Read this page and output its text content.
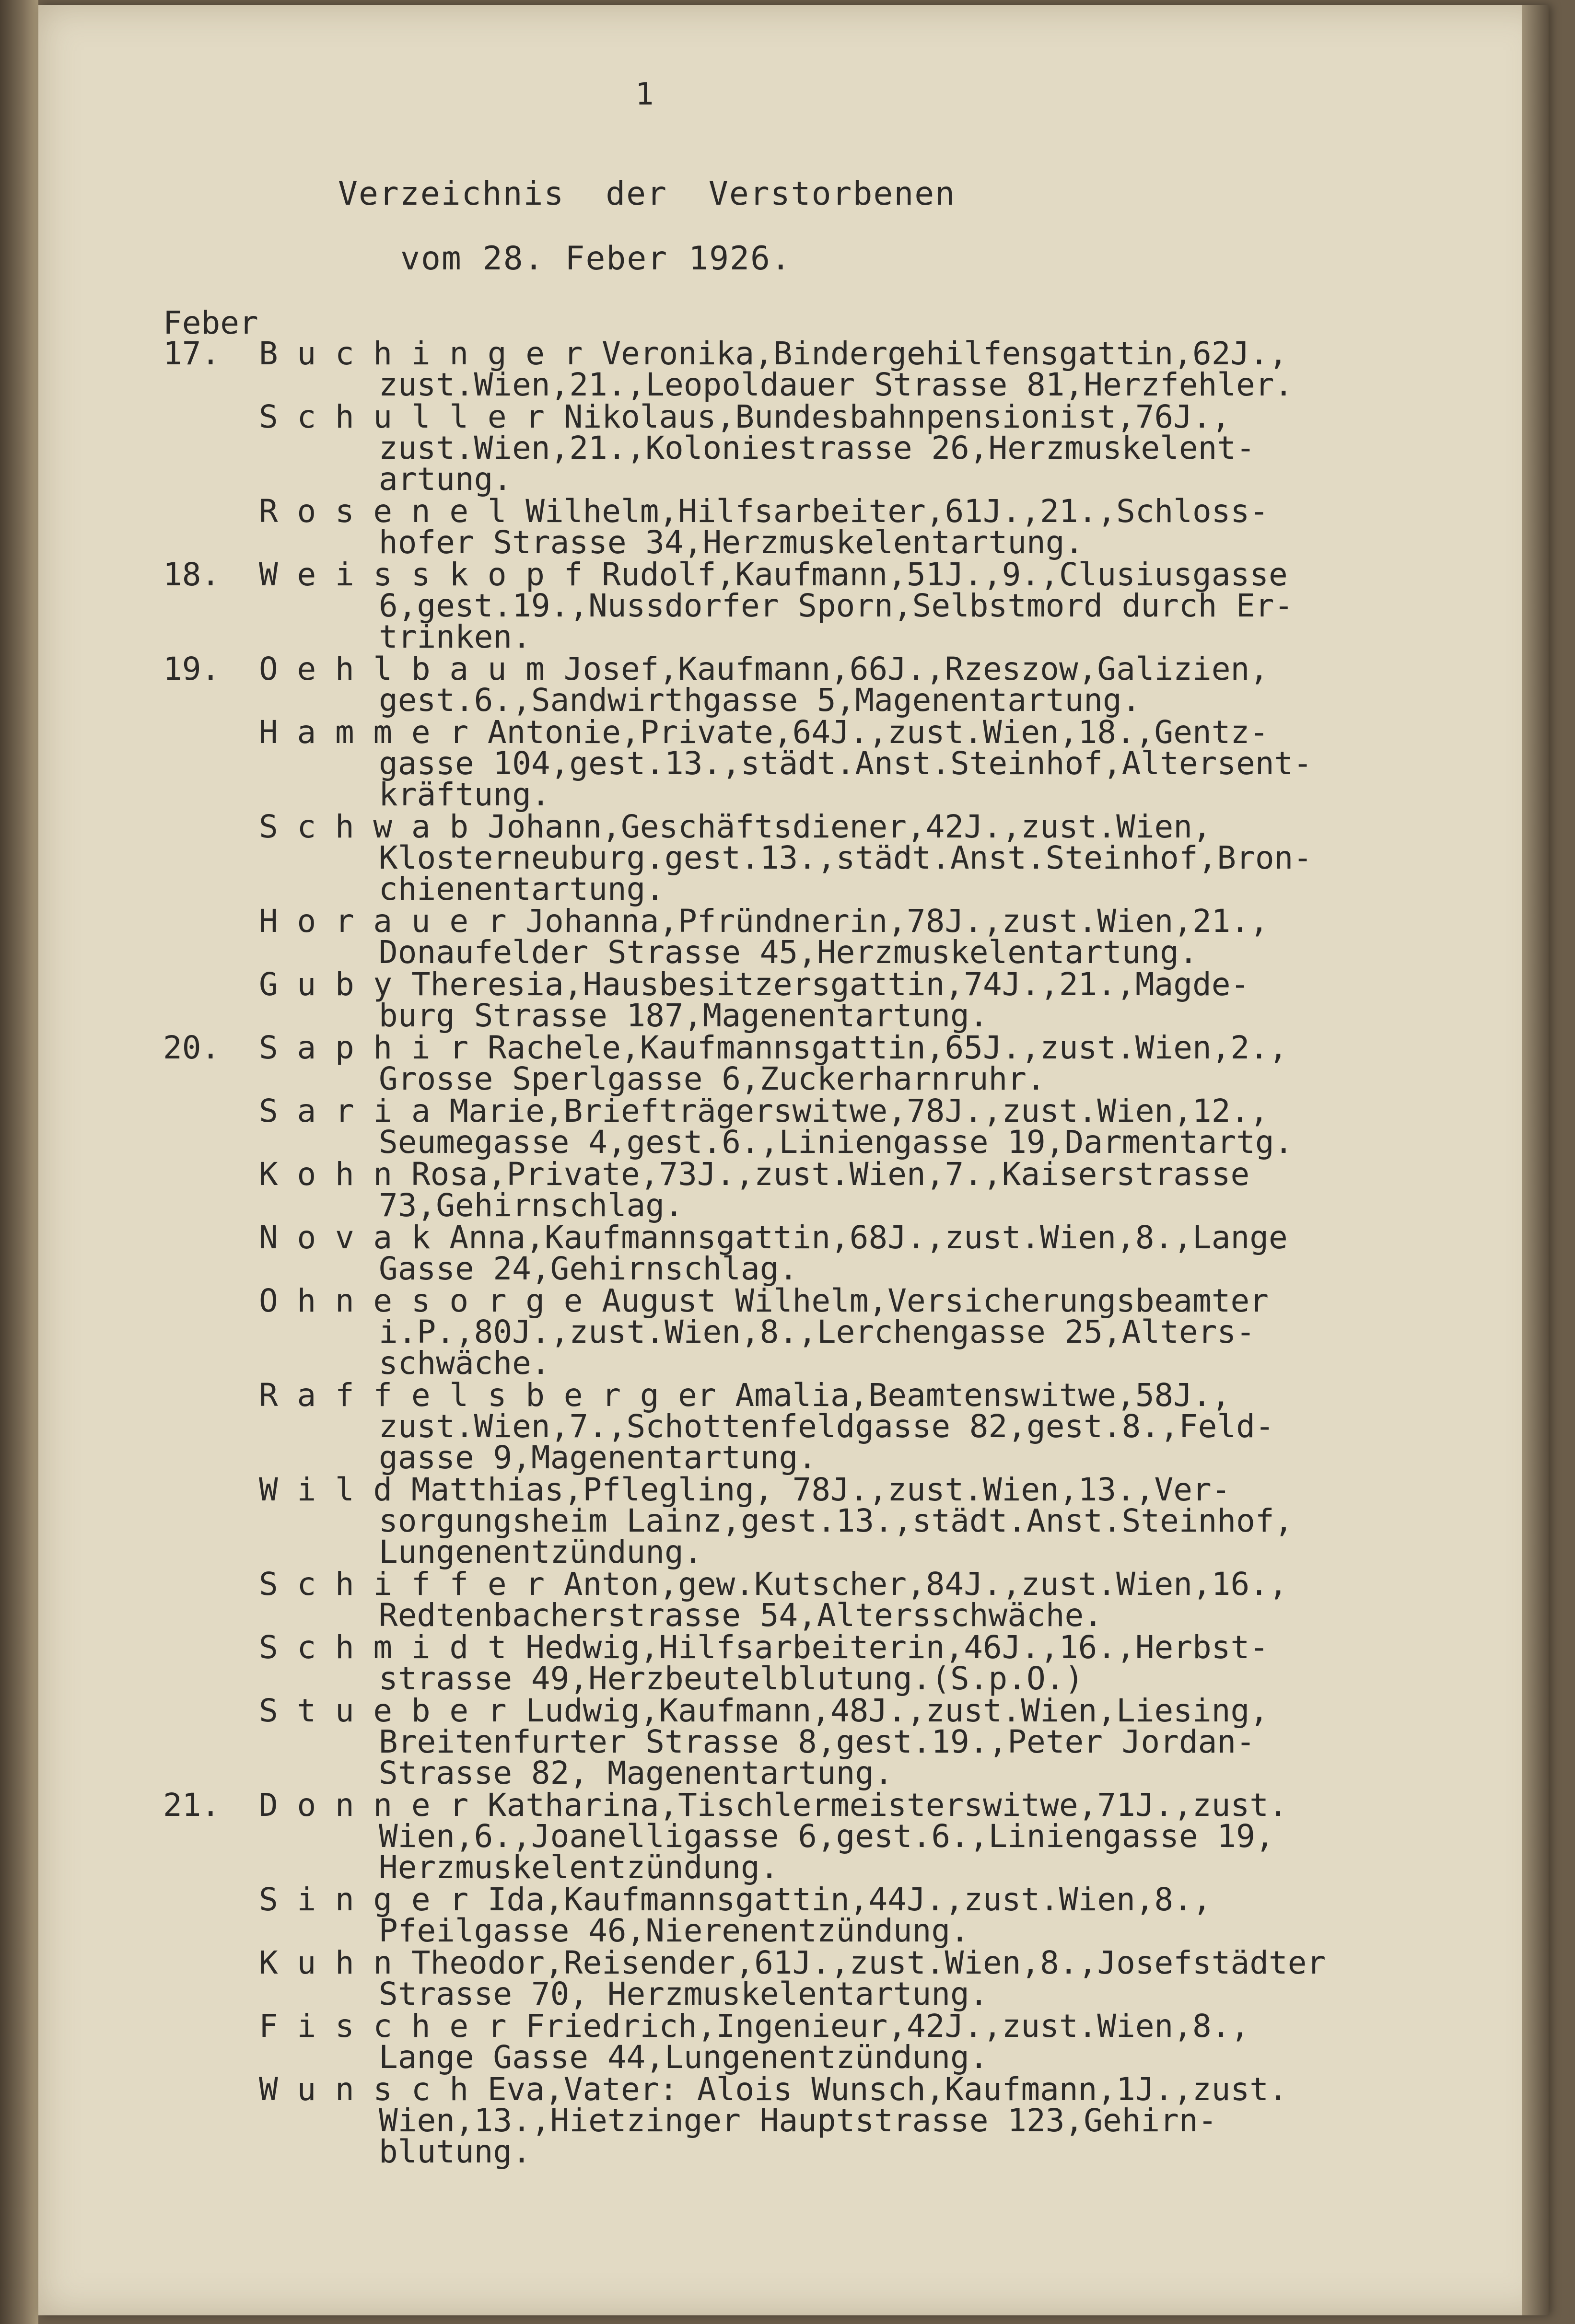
1
Verzeichnis  der  Verstorbenen
vom 28. Feber 1926.
Feber
17.	B u c h i n g e r Veronika,Bindergehilfensgattin,62J.,
zust.Wien,21.,Leopoldauer Strasse 81,Herzfehler.
S c h u l l e r Nikolaus,Bundesbahnpensionist,76J.,
zust.Wien,21.,Koloniestrasse 26,Herzmuskelent-
artung.
R o s e n e l Wilhelm,Hilfsarbeiter,61J.,21.,Schloss-
hofer Strasse 34,Herzmuskelentartung.
18.	W e i s s k o p f Rudolf,Kaufmann,51J.,9.,Clusiusgasse
6,gest.19.,Nussdorfer Sporn,Selbstmord durch Er-
trinken.
19.	O e h l b a u m Josef,Kaufmann,66J.,Rzeszow,Galizien,
gest.6.,Sandwirthgasse 5,Magenentartung.
H a m m e r Antonie,Private,64J.,zust.Wien,18.,Gentz-
gasse 104,gest.13.,städt.Anst.Steinhof,Altersent-
kräftung.
S c h w a b Johann,Geschäftsdiener,42J.,zust.Wien,
Klosterneuburg.gest.13.,städt.Anst.Steinhof,Bron-
chienentartung.
H o r a u e r Johanna,Pfründnerin,78J.,zust.Wien,21.,
Donaufelder Strasse 45,Herzmuskelentartung.
G u b y Theresia,Hausbesitzersgattin,74J.,21.,Magde-
burg Strasse 187,Magenentartung.
20.	S a p h i r Rachele,Kaufmannsgattin,65J.,zust.Wien,2.,
Grosse Sperlgasse 6,Zuckerharnruhr.
S a r i a Marie,Briefträgerswitwe,78J.,zust.Wien,12.,
Seumegasse 4,gest.6.,Liniengasse 19,Darmentartg.
K o h n Rosa,Private,73J.,zust.Wien,7.,Kaiserstrasse
73,Gehirnschlag.
N o v a k Anna,Kaufmannsgattin,68J.,zust.Wien,8.,Lange
Gasse 24,Gehirnschlag.
O h n e s o r g e August Wilhelm,Versicherungsbeamter
i.P.,80J.,zust.Wien,8.,Lerchengasse 25,Alters-
schwäche.
R a f f e l s b e r g er Amalia,Beamtenswitwe,58J.,
zust.Wien,7.,Schottenfeldgasse 82,gest.8.,Feld-
gasse 9,Magenentartung.
W i l d Matthias,Pflegling, 78J.,zust.Wien,13.,Ver-
sorgungsheim Lainz,gest.13.,städt.Anst.Steinhof,
Lungenentzündung.
S c h i f f e r Anton,gew.Kutscher,84J.,zust.Wien,16.,
Redtenbacherstrasse 54,Altersschwäche.
S c h m i d t Hedwig,Hilfsarbeiterin,46J.,16.,Herbst-
strasse 49,Herzbeutelblutung.(S.p.O.)
S t u e b e r Ludwig,Kaufmann,48J.,zust.Wien,Liesing,
Breitenfurter Strasse 8,gest.19.,Peter Jordan-
Strasse 82, Magenentartung.
21.	D o n n e r Katharina,Tischlermeisterswitwe,71J.,zust.
Wien,6.,Joanelligasse 6,gest.6.,Liniengasse 19,
Herzmuskelentzündung.
S i n g e r Ida,Kaufmannsgattin,44J.,zust.Wien,8.,
Pfeilgasse 46,Nierenentzündung.
K u h n Theodor,Reisender,61J.,zust.Wien,8.,Josefstädter
Strasse 70, Herzmuskelentartung.
F i s c h e r Friedrich,Ingenieur,42J.,zust.Wien,8.,
Lange Gasse 44,Lungenentzündung.
W u n s c h Eva,Vater: Alois Wunsch,Kaufmann,1J.,zust.
Wien,13.,Hietzinger Hauptstrasse 123,Gehirn-
blutung.
